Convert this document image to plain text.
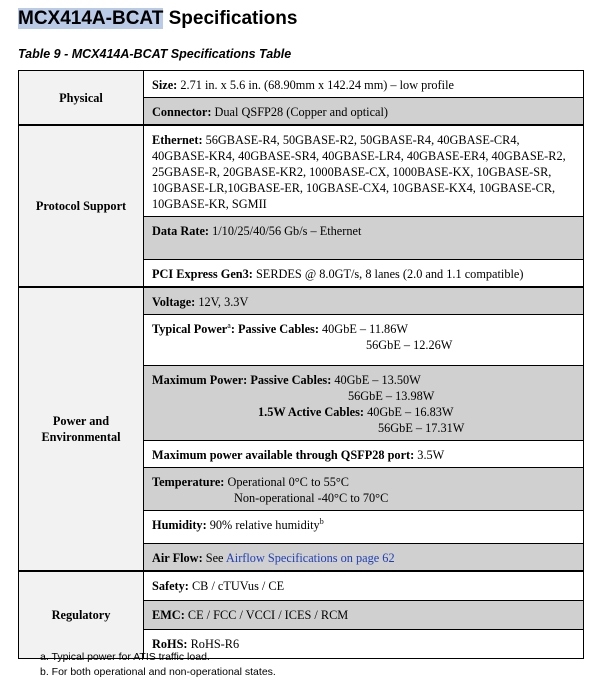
MCX414A-BCAT Specifications
Table 9 - MCX414A-BCAT Specifications Table
Physical	Size: 2.71 in. x 5.6 in. (68.90mm x 142.24 mm) – low profile
	Connector: Dual QSFP28 (Copper and optical)
Protocol Support	Ethernet: 56GBASE-R4, 50GBASE-R2, 50GBASE-R4, 40GBASE-CR4, 40GBASE-KR4, 40GBASE-SR4, 40GBASE-LR4, 40GBASE-ER4, 40GBASE-R2, 25GBASE-R, 20GBASE-KR2, 1000BASE-CX, 1000BASE-KX, 10GBASE-SR, 10GBASE-LR,10GBASE-ER, 10GBASE-CX4, 10GBASE-KX4, 10GBASE-CR, 10GBASE-KR, SGMII
	Data Rate: 1/10/25/40/56 Gb/s – Ethernet
	PCI Express Gen3: SERDES @ 8.0GT/s, 8 lanes (2.0 and 1.1 compatible)

Power and
Environmental	Voltage: 12V, 3.3V
	Typical Power$^a$: Passive Cables: 40GbE – 11.86W
56GbE – 12.26W

	Maximum Power: Passive Cables: 40GbE – 13.50W
56GbE – 13.98W
1.5W Active Cables: 40GbE – 16.83W
56GbE – 17.31W

	Maximum power available through QSFP28 port: 3.5W
	Temperature: Operational 0°C to 55°C
Non-operational -40°C to 70°C

	Humidity: 90% relative humidity$^b$
	Air Flow: See Airflow Specifications on page 62
Regulatory	Safety: CB / cTUVus / CE
	EMC: CE / FCC / VCCI / ICES / RCM
	RoHS: RoHS-R6
a. Typical power for ATIS traffic load.
b. For both operational and non-operational states.
